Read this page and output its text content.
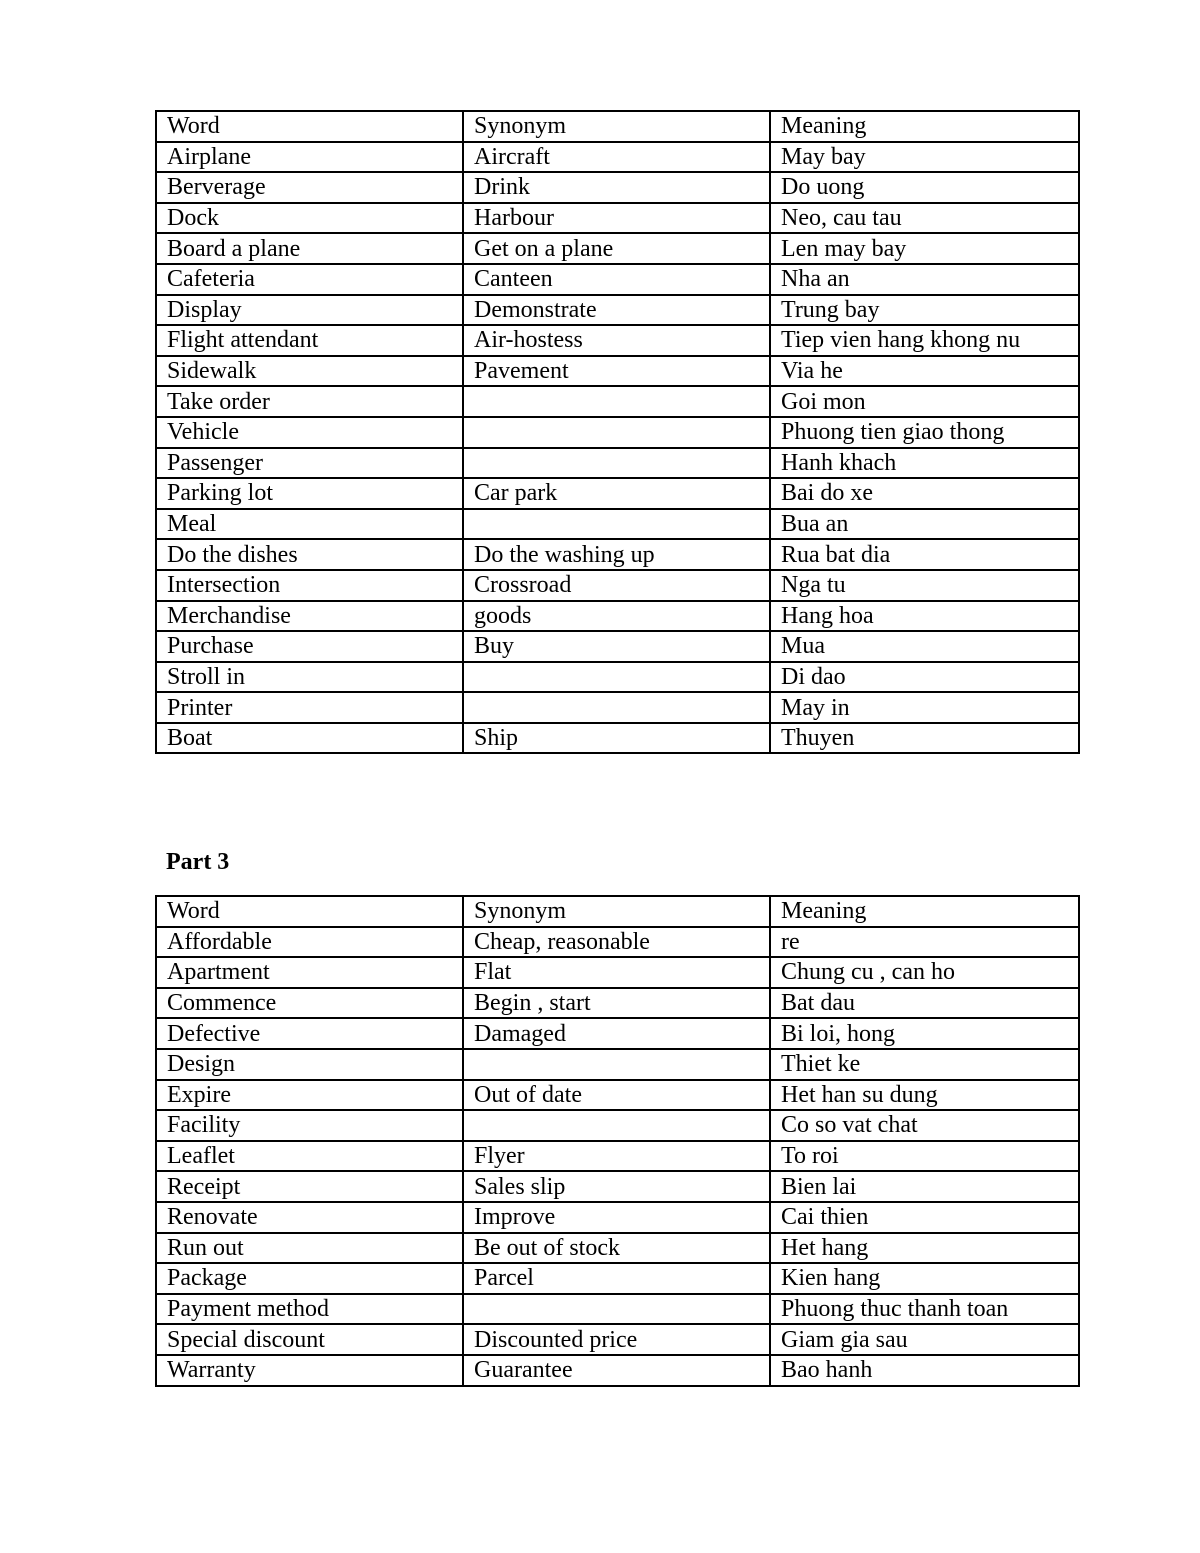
Word	Synonym	Meaning
Airplane	Aircraft	May bay
Berverage	Drink	Do uong
Dock	Harbour	Neo, cau tau
Board a plane	Get on a plane	Len may bay
Cafeteria	Canteen	Nha an
Display	Demonstrate	Trung bay
Flight attendant	Air-hostess	Tiep vien hang khong nu
Sidewalk	Pavement	Via he
Take order		Goi mon
Vehicle		Phuong tien giao thong
Passenger		Hanh khach
Parking lot	Car park	Bai do xe
Meal		Bua an
Do the dishes	Do the washing up	Rua bat dia
Intersection	Crossroad	Nga tu
Merchandise	goods	Hang hoa
Purchase	Buy	Mua
Stroll in		Di dao
Printer		May in
Boat	Ship	Thuyen
Part 3
Word	Synonym	Meaning
Affordable	Cheap, reasonable	re
Apartment	Flat	Chung cu , can ho
Commence	Begin , start	Bat dau
Defective	Damaged	Bi loi, hong
Design		Thiet ke
Expire	Out of date	Het han su dung
Facility		Co so vat chat
Leaflet	Flyer	To roi
Receipt	Sales slip	Bien lai
Renovate	Improve	Cai thien
Run out	Be out of stock	Het hang
Package	Parcel	Kien hang
Payment method		Phuong thuc thanh toan
Special discount	Discounted price	Giam gia sau
Warranty	Guarantee	Bao hanh
